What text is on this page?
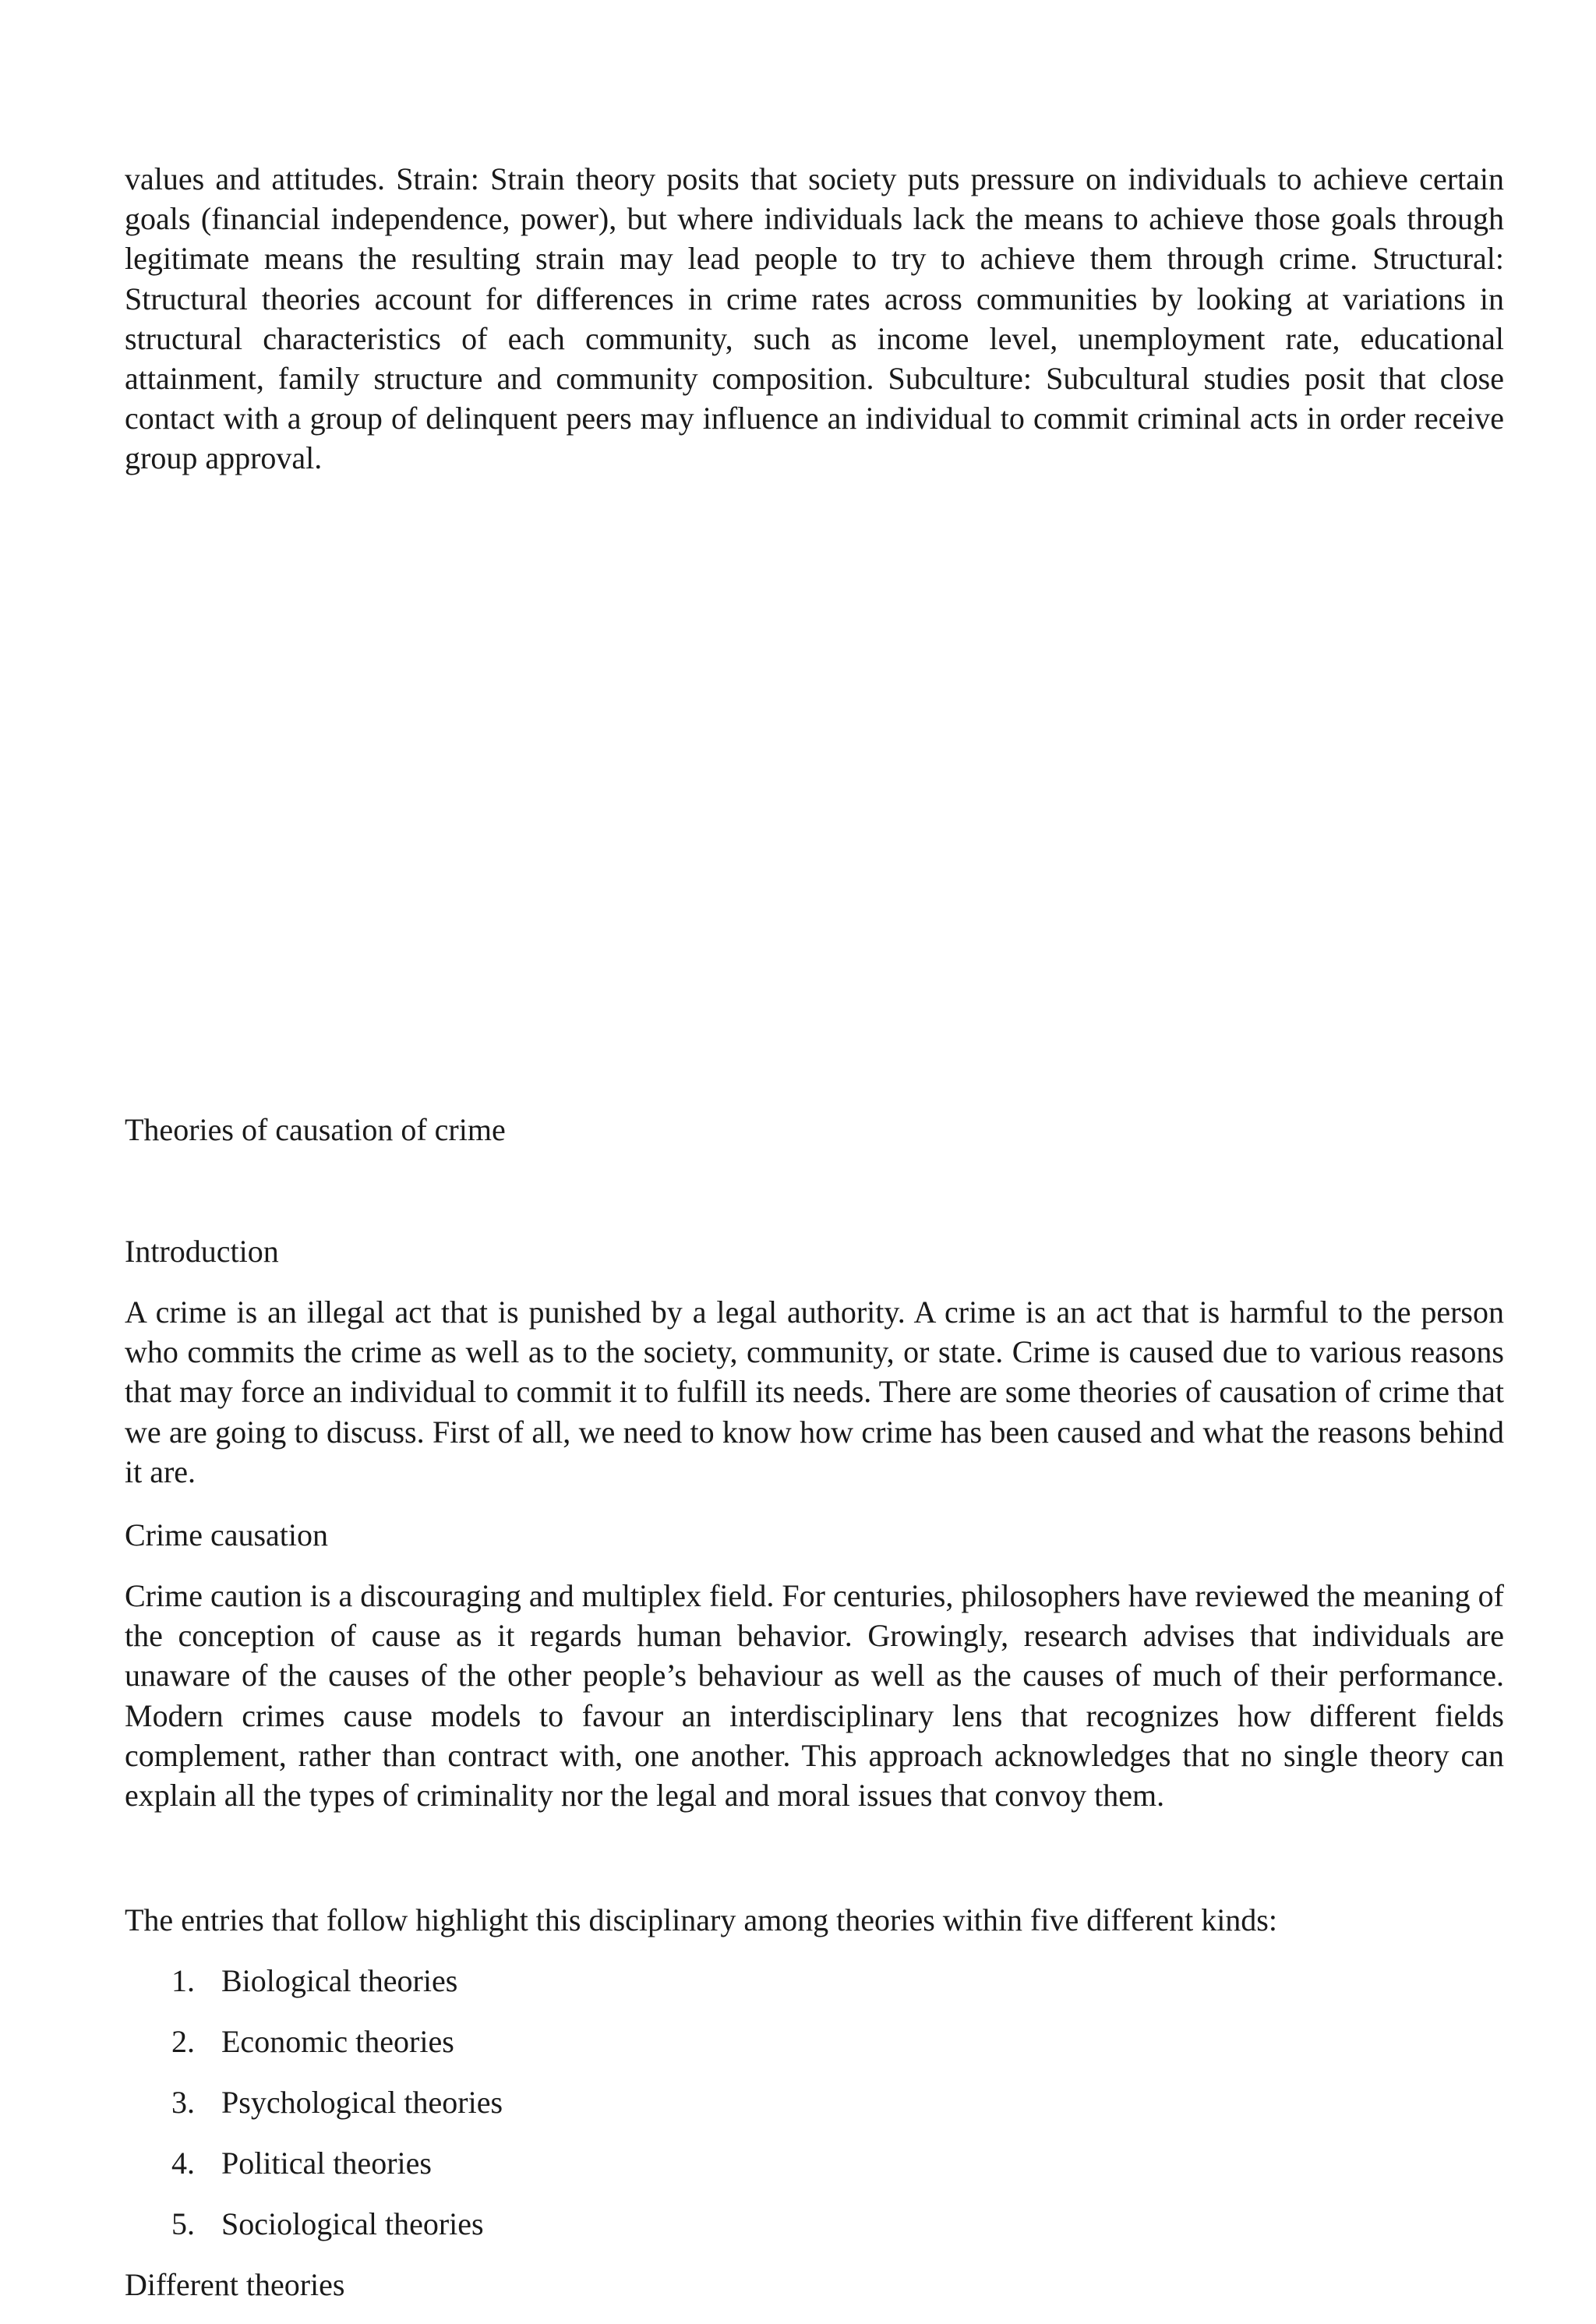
values and attitudes. Strain: Strain theory posits that society puts pressure on individuals to achieve certain goals (financial independence, power), but where individuals lack the means to achieve those goals through legitimate means the resulting strain may lead people to try to achieve them through crime. Structural: Structural theories account for differences in crime rates across communities by looking at variations in structural characteristics of each community, such as income level, unemployment rate, educational attainment, family structure and community composition. Subculture: Subcultural studies posit that close contact with a group of delinquent peers may influence an individual to commit criminal acts in order receive group approval.

Theories of causation of crime

Introduction

A crime is an illegal act that is punished by a legal authority. A crime is an act that is harmful to the person who commits the crime as well as to the society, community, or state. Crime is caused due to various reasons that may force an individual to commit it to fulfill its needs. There are some theories of causation of crime that we are going to discuss. First of all, we need to know how crime has been caused and what the reasons behind it are.

Crime causation

Crime caution is a discouraging and multiplex field. For centuries, philosophers have reviewed the meaning of the conception of cause as it regards human behavior. Growingly, research advises that individuals are unaware of the causes of the other people’s behaviour as well as the causes of much of their performance. Modern crimes cause models to favour an interdisciplinary lens that recognizes how different fields complement, rather than contract with, one another. This approach acknowledges that no single theory can explain all the types of criminality nor the legal and moral issues that convoy them.

The entries that follow highlight this disciplinary among theories within five different kinds:

1. Biological theories
2. Economic theories
3. Psychological theories
4. Political theories
5. Sociological theories

Different theories
